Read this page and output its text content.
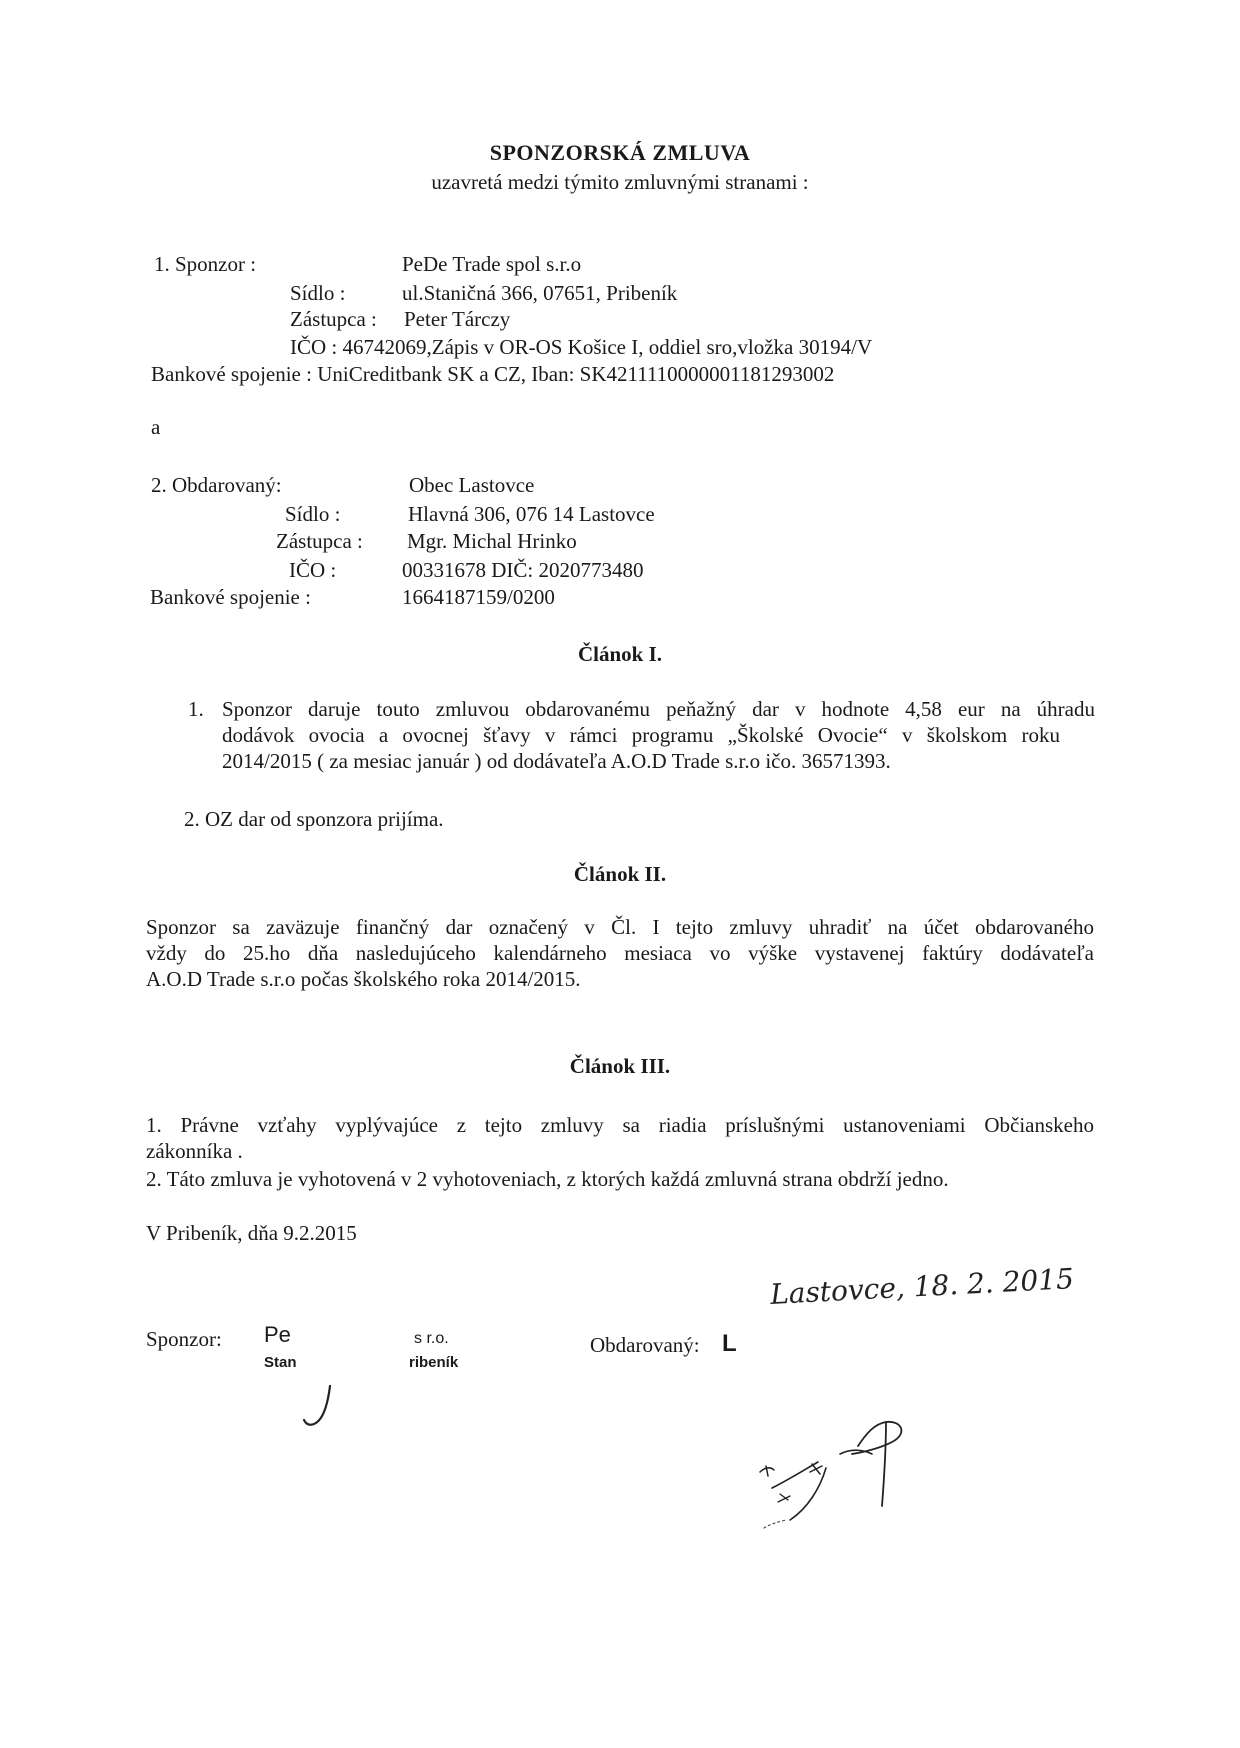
SPONZORSKÁ ZMLUVA
uzavretá medzi týmito zmluvnými stranami :
1. Sponzor :	PeDe Trade spol s.r.o
Sídlo :	ul.Staničná 366, 07651, Pribeník
Zástupca : Peter Tárczy
IČO : 46742069,Zápis v OR-OS Košice I, oddiel sro,vložka 30194/V
Bankové spojenie : UniCreditbank SK a CZ, Iban: SK4211110000001181293002
a
2. Obdarovaný:	Obec Lastovce
Sídlo :	Hlavná 306, 076 14 Lastovce
Zástupca : Mgr. Michal Hrinko
IČO :	00331678 DIČ: 2020773480
Bankové spojenie :	1664187159/0200
Článok I.
1. Sponzor daruje touto zmluvou obdarovanému peňažný dar v hodnote 4,58 eur na úhradu
dodávok ovocia a ovocnej šťavy v rámci programu „Školské Ovocie“ v školskom roku
2014/2015 ( za mesiac január ) od dodávateľa A.O.D Trade s.r.o ičo. 36571393.
2. OZ dar od sponzora prijíma.
Článok II.
Sponzor sa zaväzuje finančný dar označený v Čl. I tejto zmluvy uhradiť na účet obdarovaného
vždy do 25.ho dňa nasledujúceho kalendárneho mesiaca vo výške vystavenej faktúry dodávateľa
A.O.D Trade s.r.o počas školského roka 2014/2015.
Článok III.
1. Právne vzťahy vyplývajúce z tejto zmluvy sa riadia príslušnými ustanoveniami Občianskeho
zákonníka .
2. Táto zmluva je vyhotovená v 2 vyhotoveniach, z ktorých každá zmluvná strana obdrží jedno.
V Pribeník, dňa 9.2.2015
Lastovce, 18. 2. 2015
Sponzor: Pe
Stan
s r.o.
ribeník
Obdarovaný: L
